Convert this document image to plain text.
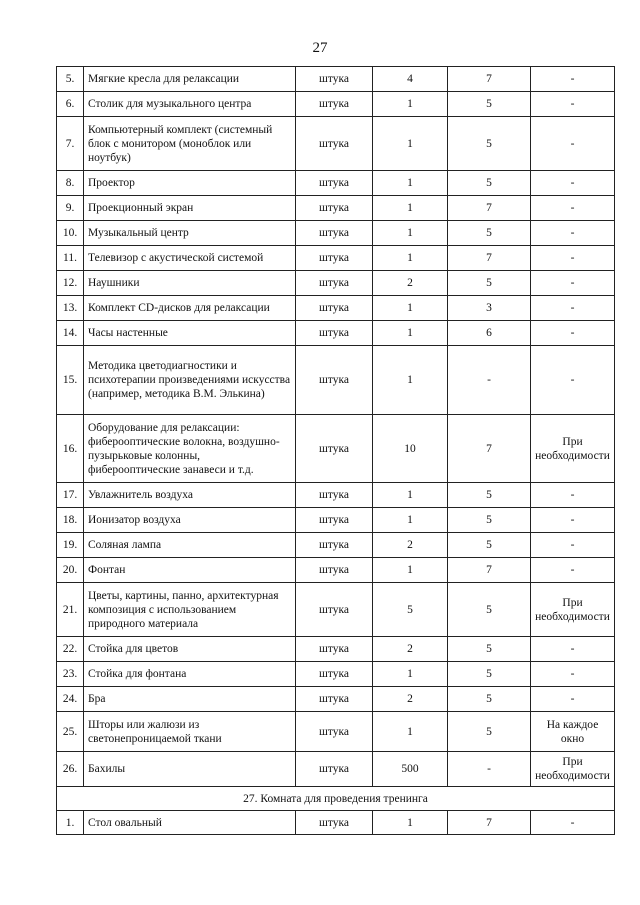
27
5.	Мягкие кресла для релаксации	штука	4	7	-
6.	Столик для музыкального центра	штука	1	5	-
7.	Компьютерный комплект (системный блок с монитором (моноблок или ноутбук)	штука	1	5	-
8.	Проектор	штука	1	5	-
9.	Проекционный экран	штука	1	7	-
10.	Музыкальный центр	штука	1	5	-
11.	Телевизор с акустической системой	штука	1	7	-
12.	Наушники	штука	2	5	-
13.	Комплект CD-дисков для релаксации	штука	1	3	-
14.	Часы настенные	штука	1	6	-
15.	Методика цветодиагностики и психотерапии произведениями искусства (например, методика В.М. Элькина)	штука	1	-	-
16.	Оборудование для релаксации: фиберооптические волокна, воздушно-пузырьковые колонны, фиберооптические занавеси и т.д.	штука	10	7	При необходимости
17.	Увлажнитель воздуха	штука	1	5	-
18.	Ионизатор воздуха	штука	1	5	-
19.	Соляная лампа	штука	2	5	-
20.	Фонтан	штука	1	7	-
21.	Цветы, картины, панно, архитектурная композиция с использованием природного материала	штука	5	5	При необходимости
22.	Стойка для цветов	штука	2	5	-
23.	Стойка для фонтана	штука	1	5	-
24.	Бра	штука	2	5	-
25.	Шторы или жалюзи из светонепроницаемой ткани	штука	1	5	На каждое окно
26.	Бахилы	штука	500	-	При необходимости
27. Комната для проведения тренинга					
1.	Стол овальный	штука	1	7	-
